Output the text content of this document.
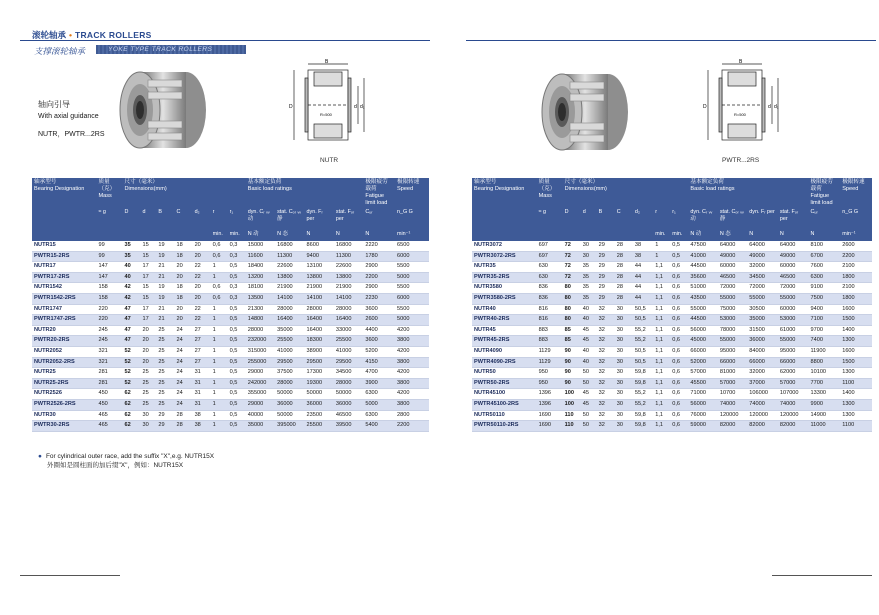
滚轮轴承 • TRACK ROLLERS
支撑滚轮轴承	YOKE TYPE TRACK ROLLERS
B
D	d d₁
R=500
NUTR
轴向引导
With axial guidance
NUTR，PWTR...2RS
轴承型号
Bearing Designation	质量（克）
Mass	尺寸（毫米）
Dimensions(mm)							基本额定负荷
Basic load ratings				极限疲劳载荷
Fatigue limit load	极限转速
Speed
	≈ g	D	d	B	C	d₂	r	r₁	dyn. Cᵣ ᵥᵥ 动	stat. Cₒᵣ ᵥᵥ 静	dyn. Fᵣ per	stat. Fₒᵣ per	Cᵤᵣ	n_G G
							min.	min.	N 动	N 态	N	N	N	min⁻¹
NUTR15	99	35	15	19	18	20	0,6	0,3	15000	16800	8600	16800	2220	6500
PWTR15-2RS	99	35	15	19	18	20	0,6	0,3	11600	11300	9400	11300	1780	6000
NUTR17	147	40	17	21	20	22	1	0,5	18400	22600	13100	22600	2900	5500
PWTR17-2RS	147	40	17	21	20	22	1	0,5	13200	13800	13800	13800	2200	5000
NUTR1542	158	42	15	19	18	20	0,6	0,3	18100	21900	21900	21900	2900	5500
PWTR1542-2RS	158	42	15	19	18	20	0,6	0,3	13500	14100	14100	14100	2230	6000
NUTR1747	220	47	17	21	20	22	1	0,5	21300	28000	28000	28000	3600	5500
PWTR1747-2RS	220	47	17	21	20	22	1	0,5	14800	16400	16400	16400	2600	5000
NUTR20	245	47	20	25	24	27	1	0,5	28000	35000	16400	33000	4400	4200
PWTR20-2RS	245	47	20	25	24	27	1	0,5	232000	25500	18300	25500	3600	3800
NUTR2052	321	52	20	25	24	27	1	0,5	315000	41000	38900	41000	5200	4200
NUTR2052-2RS	321	52	20	25	24	27	1	0,5	255000	29500	29500	29500	4150	3800
NUTR25	281	52	25	25	24	31	1	0,5	29000	37500	17300	34500	4700	4200
NUTR25-2RS	281	52	25	25	24	31	1	0,5	242000	28000	19300	28000	3900	3800
NUTR2526	450	62	25	25	24	31	1	0,5	355000	50000	50000	50000	6300	4200
PWTR2526-2RS	450	62	25	25	24	31	1	0,5	29000	36000	36000	36000	5000	3800
NUTR30	465	62	30	29	28	38	1	0,5	40000	50000	23500	46500	6300	2800
PWTR30-2RS	465	62	30	29	28	38	1	0,5	35000	395000	25500	39500	5400	2200
● For cylindrical outer race, add the suffix "X",e.g. NUTR15X
外圈如是圆柱面的加后缀"X"，例如：NUTR15X
B
D	d d₁
R=500
PWTR...2RS
轴承型号
Bearing Designation	质量（克）
Mass	尺寸（毫米）
Dimensions(mm)							基本额定负荷
Basic load ratings				极限疲劳载荷
Fatigue limit load	极限转速
Speed
	≈ g	D	d	B	C	d₂	r	r₁	dyn. Cᵣ ᵥᵥ 动	stat. Cₒᵣ ᵥᵥ 静	dyn. Fᵣ per	stat. Fₒᵣ per	Cᵤᵣ	n_G G
							min.	min.	N 动	N 态	N	N	N	min⁻¹
NUTR3072	697	72	30	29	28	38	1	0,5	47500	64000	64000	64000	8100	2600
PWTR3072-2RS	697	72	30	29	28	38	1	0,5	41000	49000	49000	49000	6700	2200
NUTR35	630	72	35	29	28	44	1,1	0,6	44500	60000	32000	60000	7600	2100
PWTR35-2RS	630	72	35	29	28	44	1,1	0,6	35600	46500	34500	46500	6300	1800
NUTR3580	836	80	35	29	28	44	1,1	0,6	51000	72000	72000	72000	9100	2100
PWTR3580-2RS	836	80	35	29	28	44	1,1	0,6	43500	55000	55000	55000	7500	1800
NUTR40	816	80	40	32	30	50,5	1,1	0,6	55000	75000	30500	60000	9400	1600
PWTR40-2RS	816	80	40	32	30	50,5	1,1	0,6	44500	53000	35000	53000	7100	1500
NUTR45	883	85	45	32	30	55,2	1,1	0,6	56000	78000	31500	61000	9700	1400
PWTR45-2RS	883	85	45	32	30	55,2	1,1	0,6	45000	55000	36000	55000	7400	1300
NUTR4090	1129	90	40	32	30	50,5	1,1	0,6	66000	95000	84000	95000	11900	1600
PWTR4090-2RS	1129	90	40	32	30	50,5	1,1	0,6	52000	66000	66000	66000	8800	1500
NUTR50	950	90	50	32	30	59,8	1,1	0,6	57000	81000	32000	62000	10100	1300
PWTR50-2RS	950	90	50	32	30	59,8	1,1	0,6	45500	57000	37000	57000	7700	1100
NUTR45100	1396	100	45	32	30	55,2	1,1	0,6	71000	10700	106000	107000	13300	1400
PWTR45100-2RS	1396	100	45	32	30	55,2	1,1	0,6	56000	74000	74000	74000	9900	1300
NUTR50110	1690	110	50	32	30	59,8	1,1	0,6	76000	120000	120000	120000	14900	1300
PWTR50110-2RS	1690	110	50	32	30	59,8	1,1	0,6	59000	82000	82000	82000	11000	1100
